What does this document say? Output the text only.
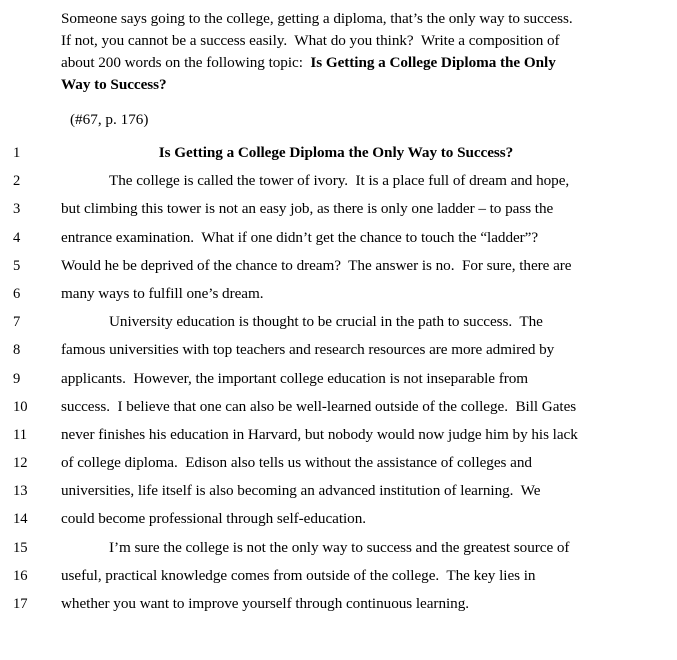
Someone says going to the college, getting a diploma, that’s the only way to success.
If not, you cannot be a success easily.  What do you think?  Write a composition of
about 200 words on the following topic:  Is Getting a College Diploma the Only
Way to Success?
(#67, p. 176)
1	Is Getting a College Diploma the Only Way to Success?
2	The college is called the tower of ivory.  It is a place full of dream and hope,
3	but climbing this tower is not an easy job, as there is only one ladder – to pass the
4	entrance examination.  What if one didn’t get the chance to touch the “ladder”?
5	Would he be deprived of the chance to dream?  The answer is no.  For sure, there are
6	many ways to fulfill one’s dream.
7	University education is thought to be crucial in the path to success.  The
8	famous universities with top teachers and research resources are more admired by
9	applicants.  However, the important college education is not inseparable from
10	success.  I believe that one can also be well-learned outside of the college.  Bill Gates
11	never finishes his education in Harvard, but nobody would now judge him by his lack
12	of college diploma.  Edison also tells us without the assistance of colleges and
13	universities, life itself is also becoming an advanced institution of learning.  We
14	could become professional through self-education.
15	I’m sure the college is not the only way to success and the greatest source of
16	useful, practical knowledge comes from outside of the college.  The key lies in
17	whether you want to improve yourself through continuous learning.
